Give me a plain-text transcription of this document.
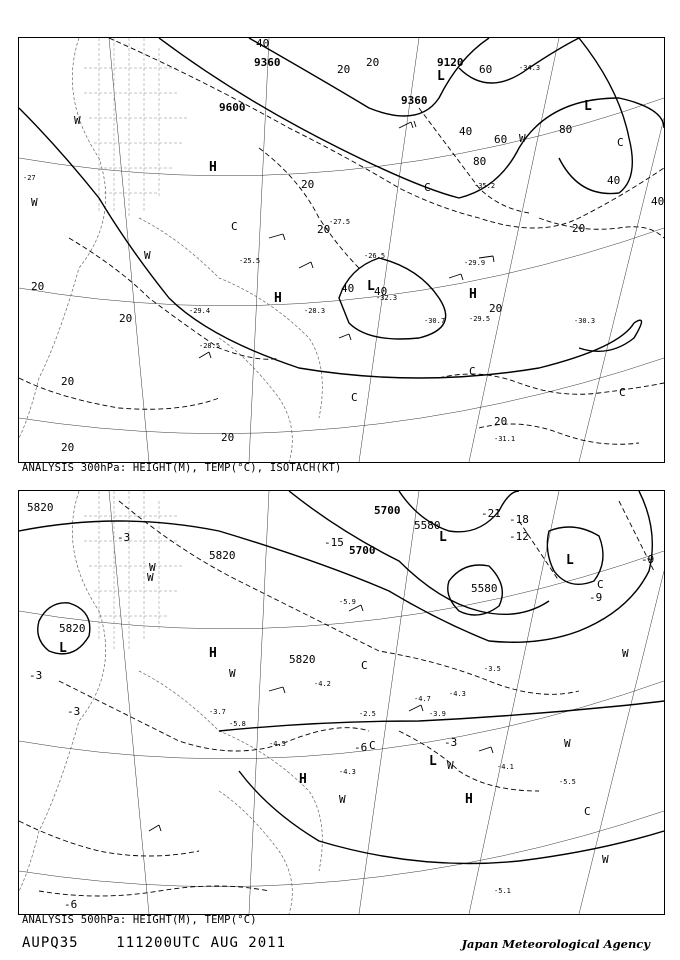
9360
9360
9600
9120
40
40
40
40
40
60
60
80
80
20
20
20
20
20
20
20
20
20
20
20
20
40
H
H	H
L
L
L
W
W
W
W
C
C
C
C
C	C
-27
-29.5
-31.1
-30.3
-29.9
-35.2
-34.3
-32.3
-30.7
-27.5
-28.5
-29.4	-28.3
-25.5
-26.5
ANALYSIS 300hPa: HEIGHT(M), TEMP(°C), ISOTACH(KT)
5820
5820
5820
5820
5700
5700
5580
5580
-3
-3
-3
-6
-6
-9
-9
-12
-15
-18
-21
-3
H
H
H
L
L
L
L
W
W
W
W
W
W
W
W
C
C
C
C
-5.9
-4.2
-4.3
-5.5
-4.7
-3.5
-4.1
-5.1
-3.9
-4.3
-5.8
-4.5
-2.5
-3.7
ANALYSIS 500hPa: HEIGHT(M), TEMP(°C)
AUPQ35	111200UTC AUG 2011	Japan Meteorological Agency
